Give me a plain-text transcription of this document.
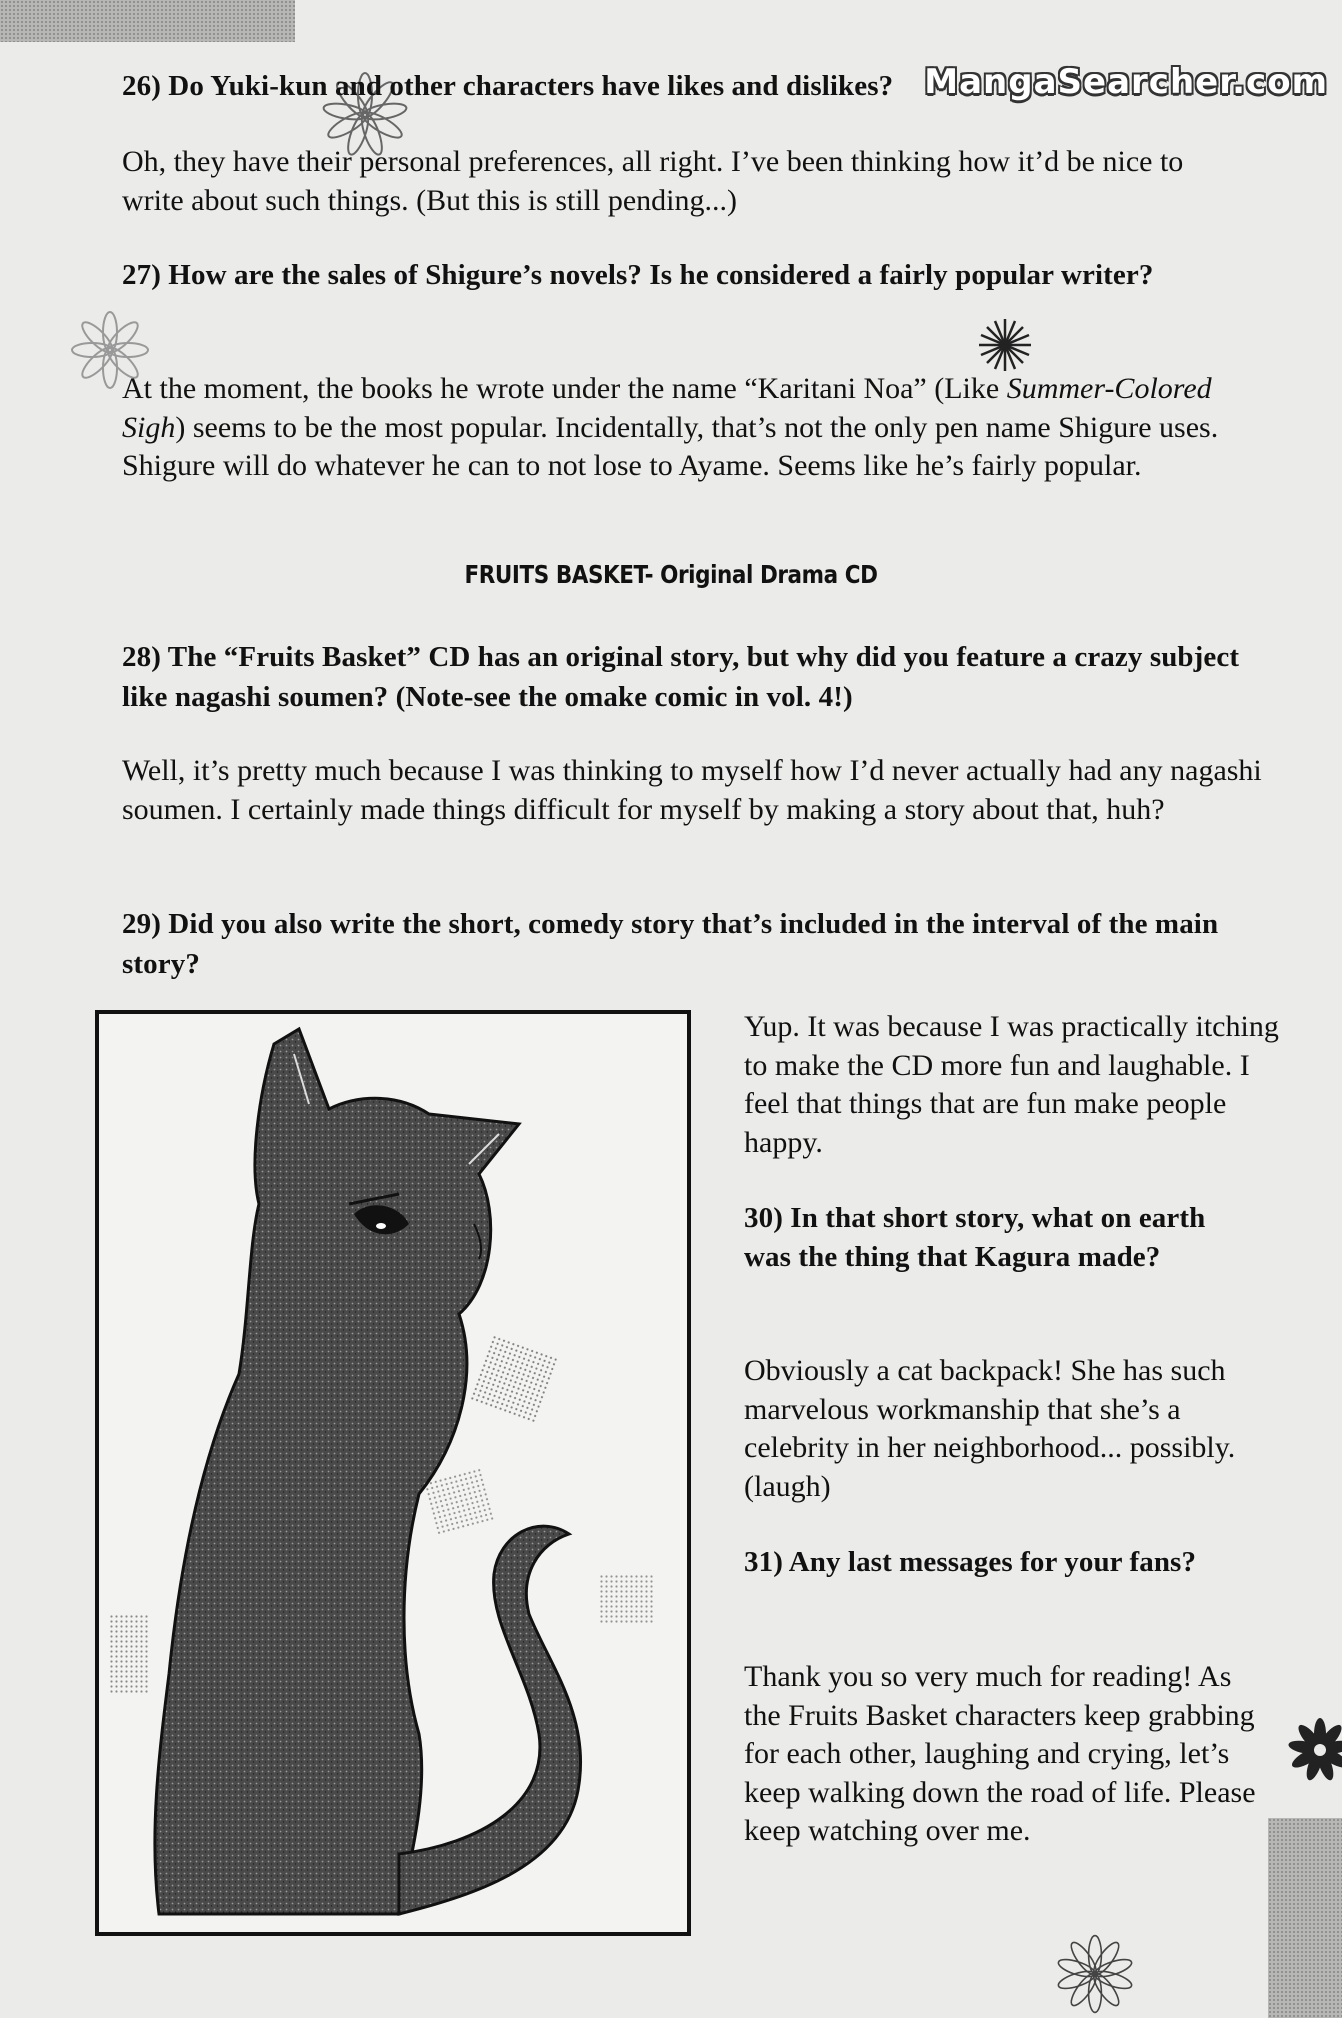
MangaSearcher.com

26) Do Yuki-kun and other characters have likes and dislikes?

Oh, they have their personal preferences, all right. I’ve been thinking how it’d be nice to write about such things. (But this is still pending...)

27) How are the sales of Shigure’s novels? Is he considered a fairly popular writer?

At the moment, the books he wrote under the name “Karitani Noa” (Like Summer-Colored Sigh) seems to be the most popular. Incidentally, that’s not the only pen name Shigure uses. Shigure will do whatever he can to not lose to Ayame. Seems like he’s fairly popular.

FRUITS BASKET- Original Drama CD

28) The “Fruits Basket” CD has an original story, but why did you feature a crazy subject like nagashi soumen? (Note-see the omake comic in vol. 4!)

Well, it’s pretty much because I was thinking to myself how I’d never actually had any nagashi soumen. I certainly made things difficult for myself by making a story about that, huh?

29) Did you also write the short, comedy story that’s included in the interval of the main story?

Yup. It was because I was practically itching to make the CD more fun and laughable. I feel that things that are fun make people happy.

30) In that short story, what on earth was the thing that Kagura made?

Obviously a cat backpack! She has such marvelous workmanship that she’s a celebrity in her neighborhood... possibly. (laugh)

31) Any last messages for your fans?

Thank you so very much for reading! As the Fruits Basket characters keep grabbing for each other, laughing and crying, let’s keep walking down the road of life. Please keep watching over me.
